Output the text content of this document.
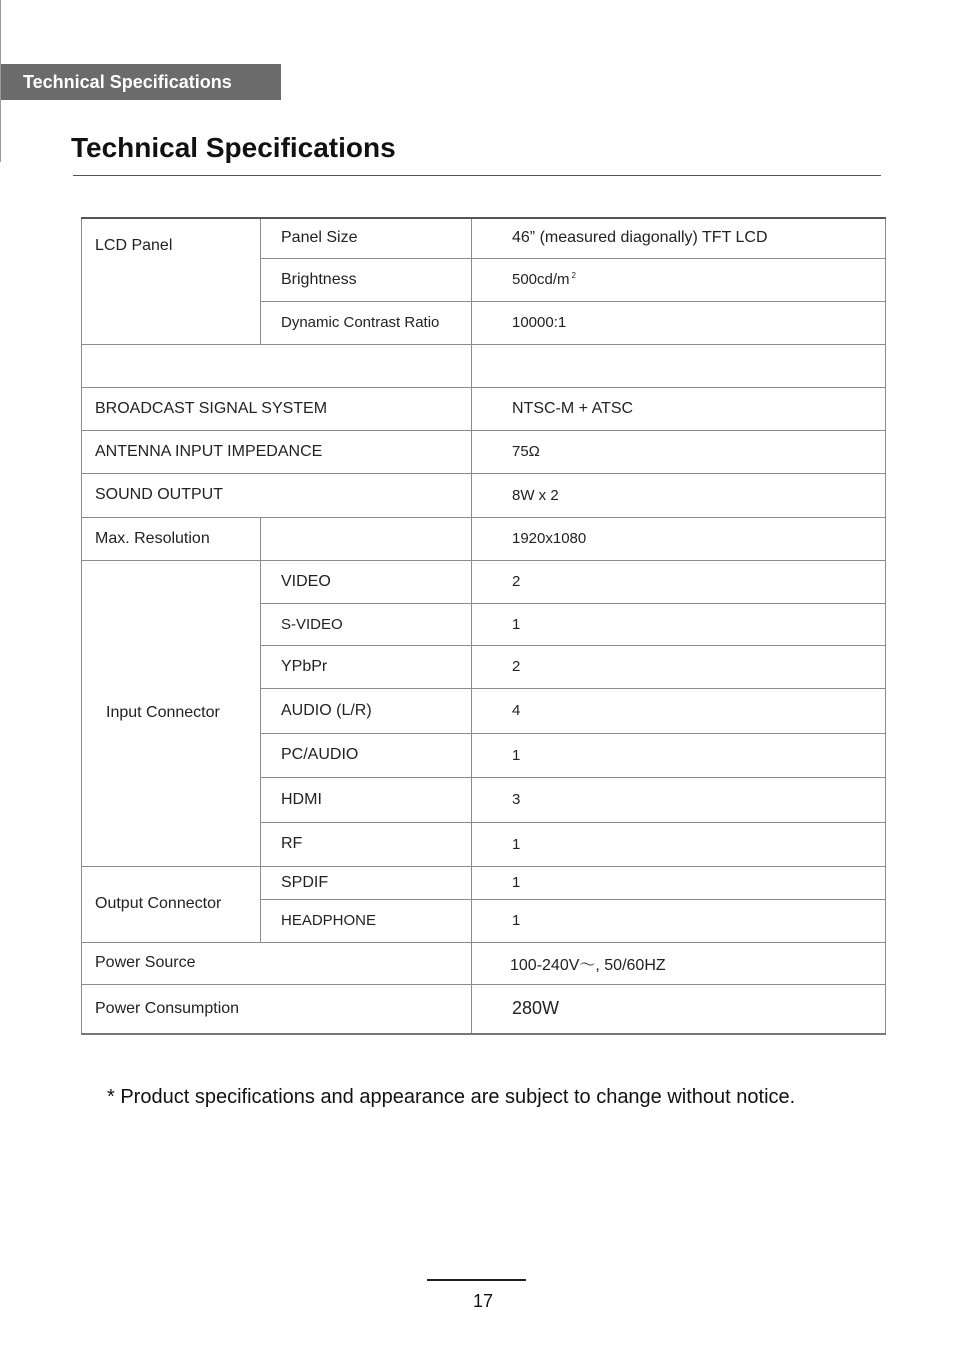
Technical Specifications
Technical Specifications
LCD Panel	Panel Size	46” (measured diagonally) TFT LCD
	Brightness	500cd/m $^2$
	Dynamic Contrast Ratio	10000:1

BROADCAST SIGNAL SYSTEM		NTSC-M + ATSC
ANTENNA INPUT IMPEDANCE		75Ω
SOUND OUTPUT		8W x 2
Max. Resolution		1920x1080
Input Connector	VIDEO	2
	S-VIDEO	1
	YPbPr	2
	AUDIO (L/R)	4
	PC/AUDIO	1
	HDMI	3
	RF	1
Output Connector	SPDIF	1
	HEADPHONE	1
Power Source		100-240V～, 50/60HZ
Power Consumption		280W

* Product specifications and appearance are subject to change without notice.

17
